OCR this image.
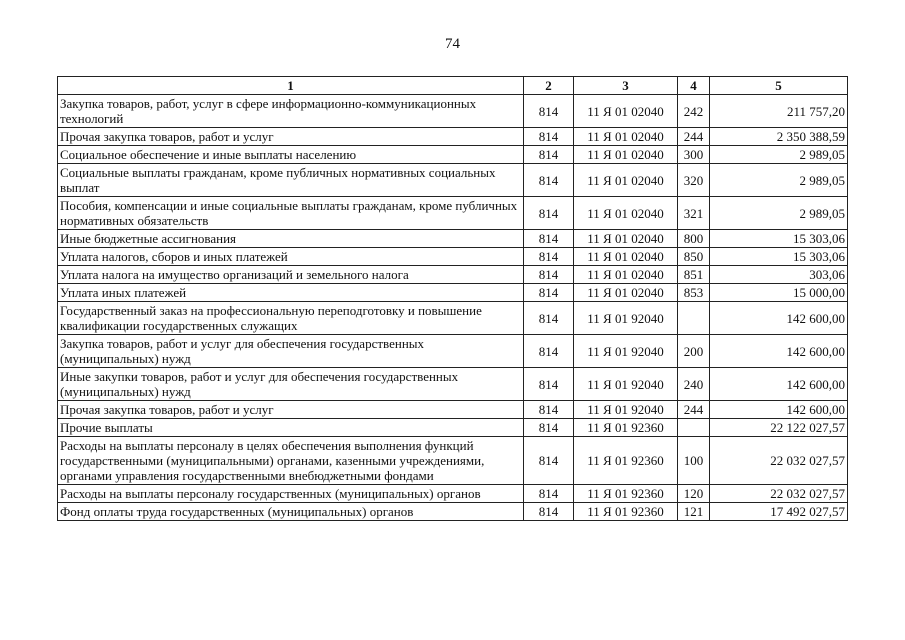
74
1	2	3	4	5
Закупка товаров, работ, услуг в сфере информационно-коммуникационных технологий	814	11 Я 01 02040	242	211 757,20
Прочая закупка товаров, работ и услуг	814	11 Я 01 02040	244	2 350 388,59
Социальное обеспечение и иные выплаты населению	814	11 Я 01 02040	300	2 989,05
Социальные выплаты гражданам, кроме публичных нормативных социальных выплат	814	11 Я 01 02040	320	2 989,05
Пособия, компенсации и иные социальные выплаты гражданам, кроме публичных нормативных обязательств	814	11 Я 01 02040	321	2 989,05
Иные бюджетные ассигнования	814	11 Я 01 02040	800	15 303,06
Уплата налогов, сборов и иных платежей	814	11 Я 01 02040	850	15 303,06
Уплата налога на имущество организаций и земельного налога	814	11 Я 01 02040	851	303,06
Уплата иных платежей	814	11 Я 01 02040	853	15 000,00
Государственный заказ на профессиональную переподготовку и повышение квалификации государственных служащих	814	11 Я 01 92040		142 600,00
Закупка товаров, работ и услуг для обеспечения государственных (муниципальных) нужд	814	11 Я 01 92040	200	142 600,00
Иные закупки товаров, работ и услуг для обеспечения государственных (муниципальных) нужд	814	11 Я 01 92040	240	142 600,00
Прочая закупка товаров, работ и услуг	814	11 Я 01 92040	244	142 600,00
Прочие выплаты	814	11 Я 01 92360		22 122 027,57
Расходы на выплаты персоналу в целях обеспечения выполнения функций государственными (муниципальными) органами, казенными учреждениями, органами управления государственными внебюджетными фондами	814	11 Я 01 92360	100	22 032 027,57
Расходы на выплаты персоналу государственных (муниципальных) органов	814	11 Я 01 92360	120	22 032 027,57
Фонд оплаты труда государственных (муниципальных) органов	814	11 Я 01 92360	121	17 492 027,57
